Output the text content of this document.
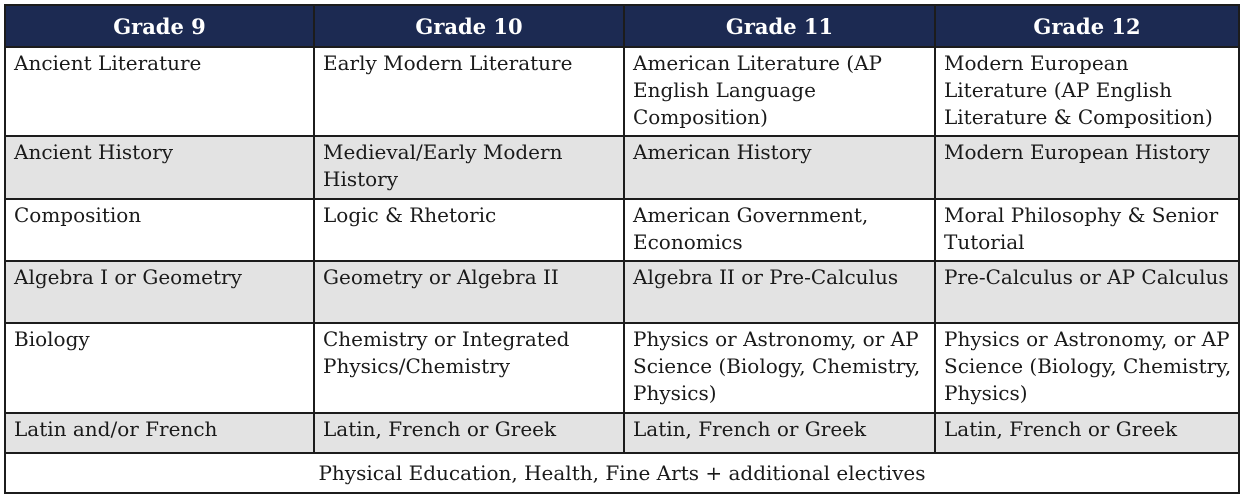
Grade 9	Grade 10	Grade 11	Grade 12
Ancient Literature	Early Modern Literature	American Literature (AP English Language Composition)	Modern European Literature (AP English Literature & Composition)
Ancient History	Medieval/Early Modern History	American History	Modern European History
Composition	Logic & Rhetoric	American Government, Economics	Moral Philosophy & Senior Tutorial
Algebra I or Geometry	Geometry or Algebra II	Algebra II or Pre-Calculus	Pre-Calculus or AP Calculus
Biology	Chemistry or Integrated Physics/Chemistry	Physics or Astronomy, or AP Science (Biology, Chemistry, Physics)	Physics or Astronomy, or AP Science (Biology, Chemistry, Physics)
Latin and/or French	Latin, French or Greek	Latin, French or Greek	Latin, French or Greek
Physical Education, Health, Fine Arts + additional electives			
